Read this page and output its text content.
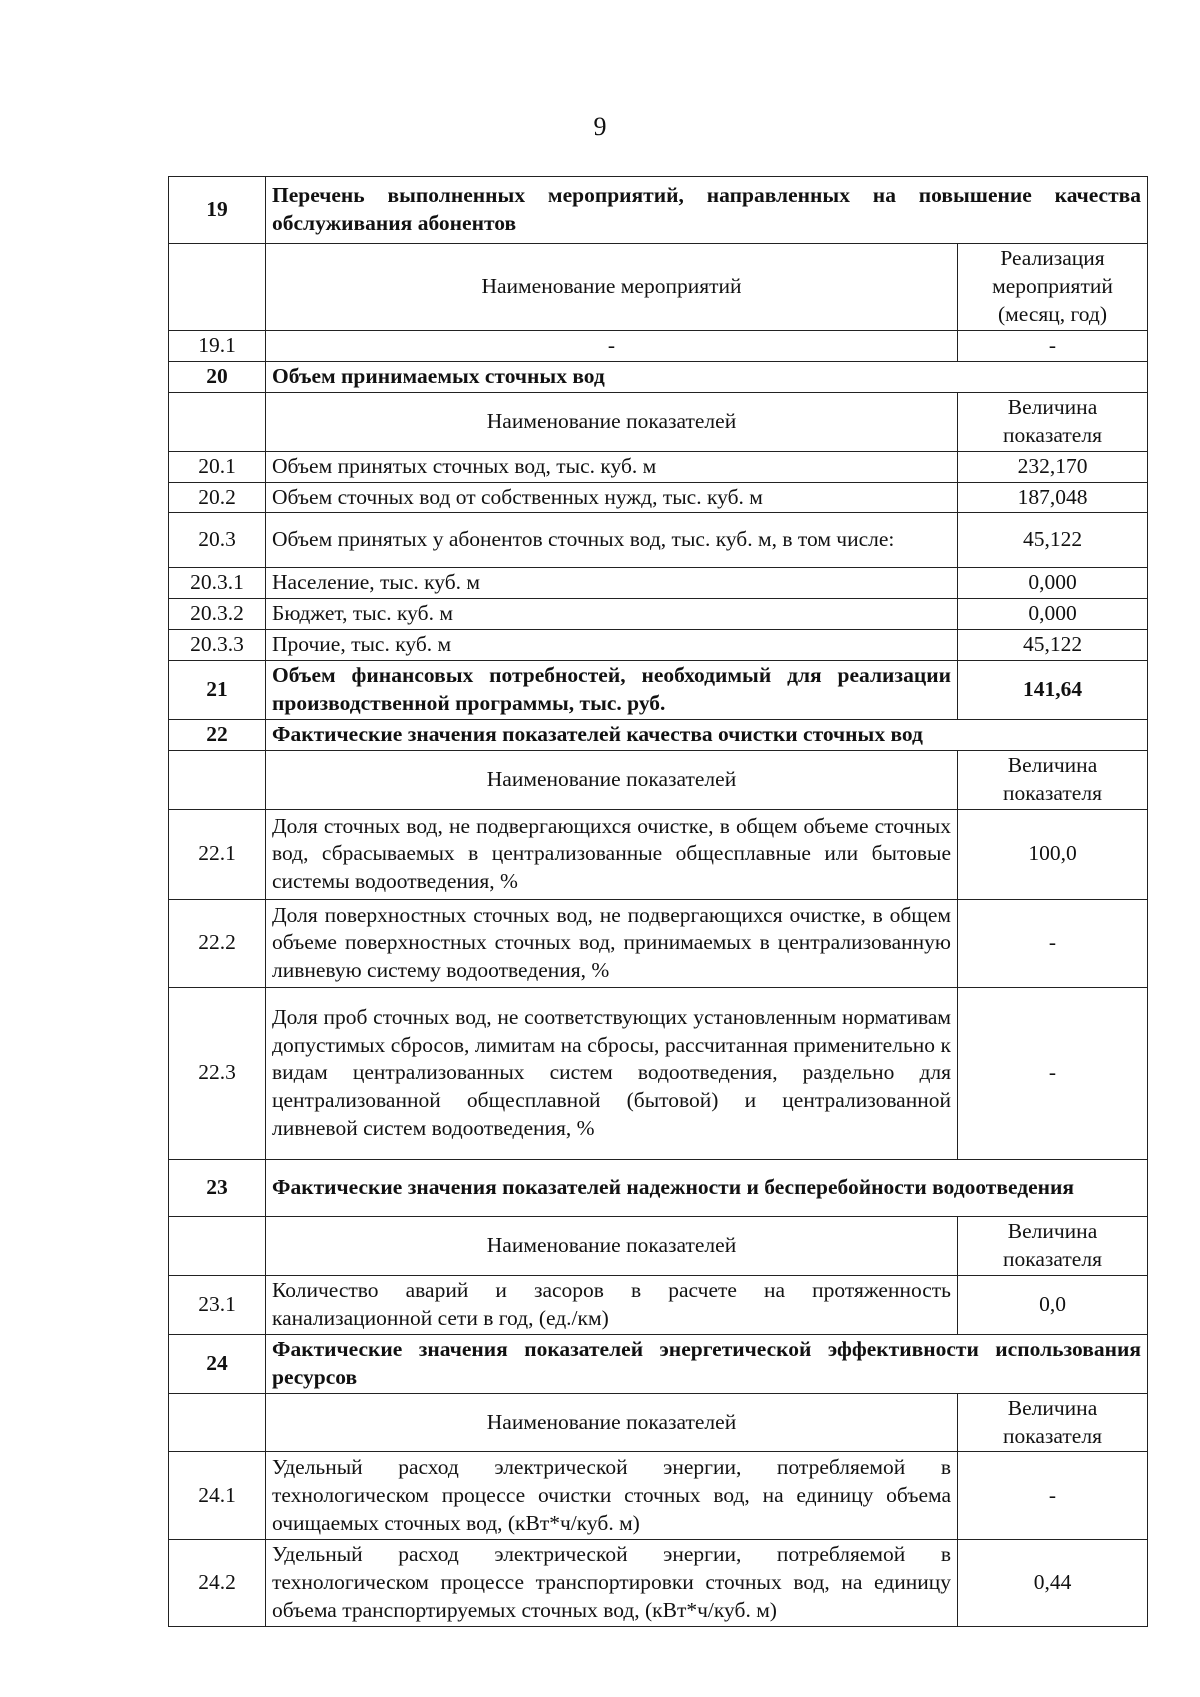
9
19	Перечень выполненных мероприятий, направленных на повышение качества обслуживания абонентов	
	Наименование мероприятий	Реализация мероприятий (месяц, год)
19.1	-	-
20	Объем принимаемых сточных вод	
	Наименование показателей	Величина показателя
20.1	Объем принятых сточных вод, тыс. куб. м	232,170
20.2	Объем сточных вод от собственных нужд, тыс. куб. м	187,048
20.3	Объем принятых у абонентов сточных вод, тыс. куб. м, в том числе:	45,122
20.3.1	Население, тыс. куб. м	0,000
20.3.2	Бюджет, тыс. куб. м	0,000
20.3.3	Прочие, тыс. куб. м	45,122
21	Объем финансовых потребностей, необходимый для реализации производственной программы, тыс. руб.	141,64
22	Фактические значения показателей качества очистки сточных вод	
	Наименование показателей	Величина показателя
22.1	Доля сточных вод, не подвергающихся очистке, в общем объеме сточных вод, сбрасываемых в централизованные общесплавные или бытовые системы водоотведения, %	100,0
22.2	Доля поверхностных сточных вод, не подвергающихся очистке, в общем объеме поверхностных сточных вод, принимаемых в централизованную ливневую систему водоотведения, %	-
22.3	Доля проб сточных вод, не соответствующих установленным нормативам допустимых сбросов, лимитам на сбросы, рассчитанная применительно к видам централизованных систем водоотведения, раздельно для централизованной общесплавной (бытовой) и централизованной ливневой систем водоотведения, %	-
23	Фактические значения показателей надежности и бесперебойности водоотведения	
	Наименование показателей	Величина показателя
23.1	Количество аварий и засоров в расчете на протяженность канализационной сети в год, (ед./км)	0,0
24	Фактические значения показателей энергетической эффективности использования ресурсов	
	Наименование показателей	Величина показателя
24.1	Удельный расход электрической энергии, потребляемой в технологическом процессе очистки сточных вод, на единицу объема очищаемых сточных вод, (кВт*ч/куб. м)	-
24.2	Удельный расход электрической энергии, потребляемой в технологическом процессе транспортировки сточных вод, на единицу объема транспортируемых сточных вод, (кВт*ч/куб. м)	0,44
